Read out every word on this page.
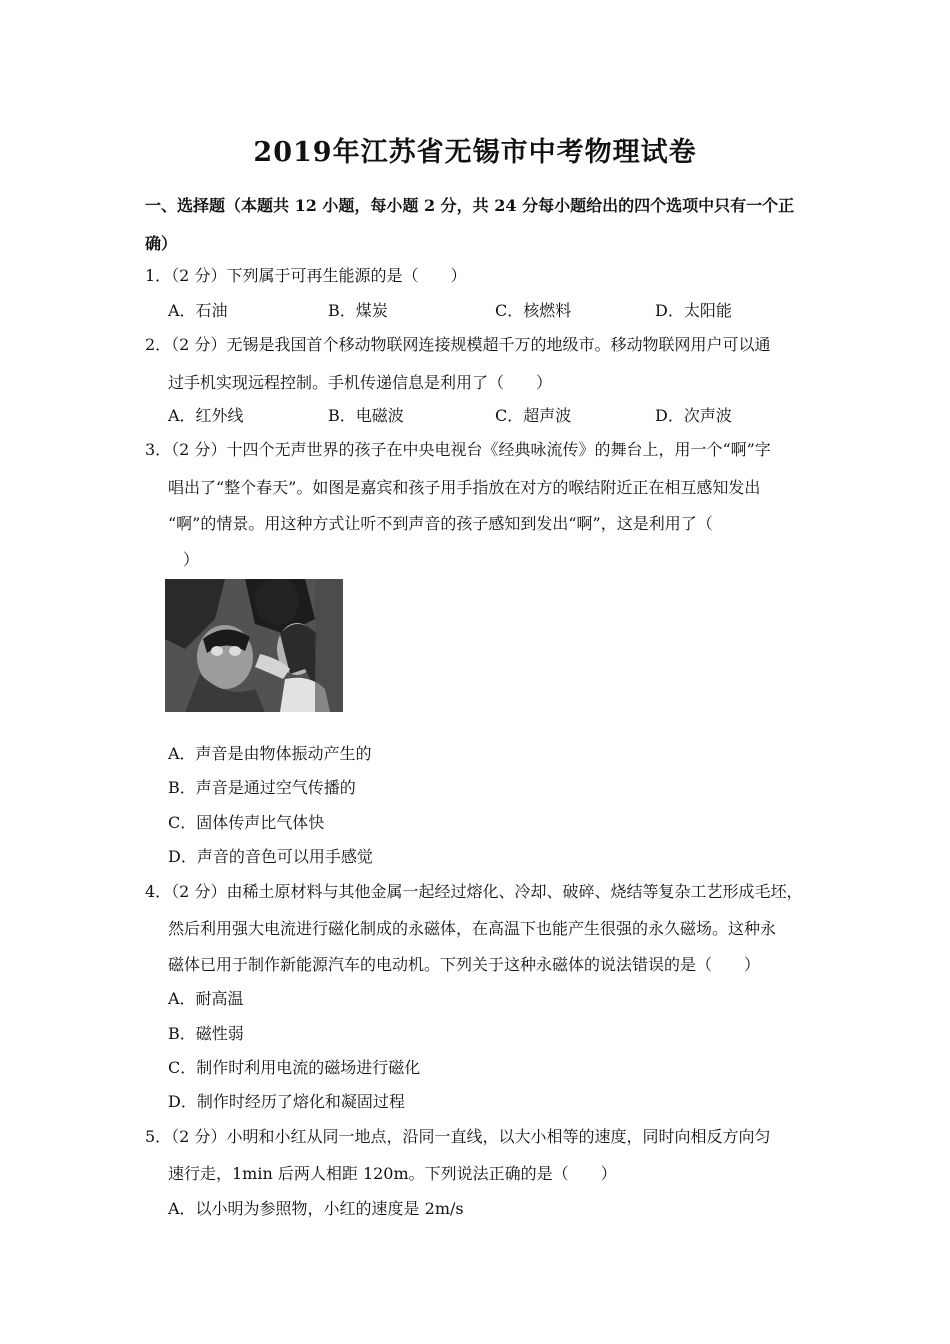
2019年江苏省无锡市中考物理试卷
一、选择题（本题共 12 小题，每小题 2 分，共 24 分每小题给出的四个选项中只有一个正
确）
1．（2 分）下列属于可再生能源的是（　　）
A．石油	B．煤炭	C．核燃料	D．太阳能
2．（2 分）无锡是我国首个移动物联网连接规模超千万的地级市。移动物联网用户可以通
过手机实现远程控制。手机传递信息是利用了（　　）
A．红外线	B．电磁波	C．超声波	D．次声波
3．（2 分）十四个无声世界的孩子在中央电视台《经典咏流传》的舞台上，用一个“啊”字
唱出了“整个春天”。如图是嘉宾和孩子用手指放在对方的喉结附近正在相互感知发出
“啊”的情景。用这种方式让听不到声音的孩子感知到发出“啊”，这是利用了（
）
A．声音是由物体振动产生的
B．声音是通过空气传播的
C．固体传声比气体快
D．声音的音色可以用手感觉
4．（2 分）由稀土原材料与其他金属一起经过熔化、冷却、破碎、烧结等复杂工艺形成毛坯，
然后利用强大电流进行磁化制成的永磁体，在高温下也能产生很强的永久磁场。这种永
磁体已用于制作新能源汽车的电动机。下列关于这种永磁体的说法错误的是（　　）
A．耐高温
B．磁性弱
C．制作时利用电流的磁场进行磁化
D．制作时经历了熔化和凝固过程
5．（2 分）小明和小红从同一地点，沿同一直线，以大小相等的速度，同时向相反方向匀
速行走，1min 后两人相距 120m。下列说法正确的是（　　）
A．以小明为参照物，小红的速度是 2m/s
